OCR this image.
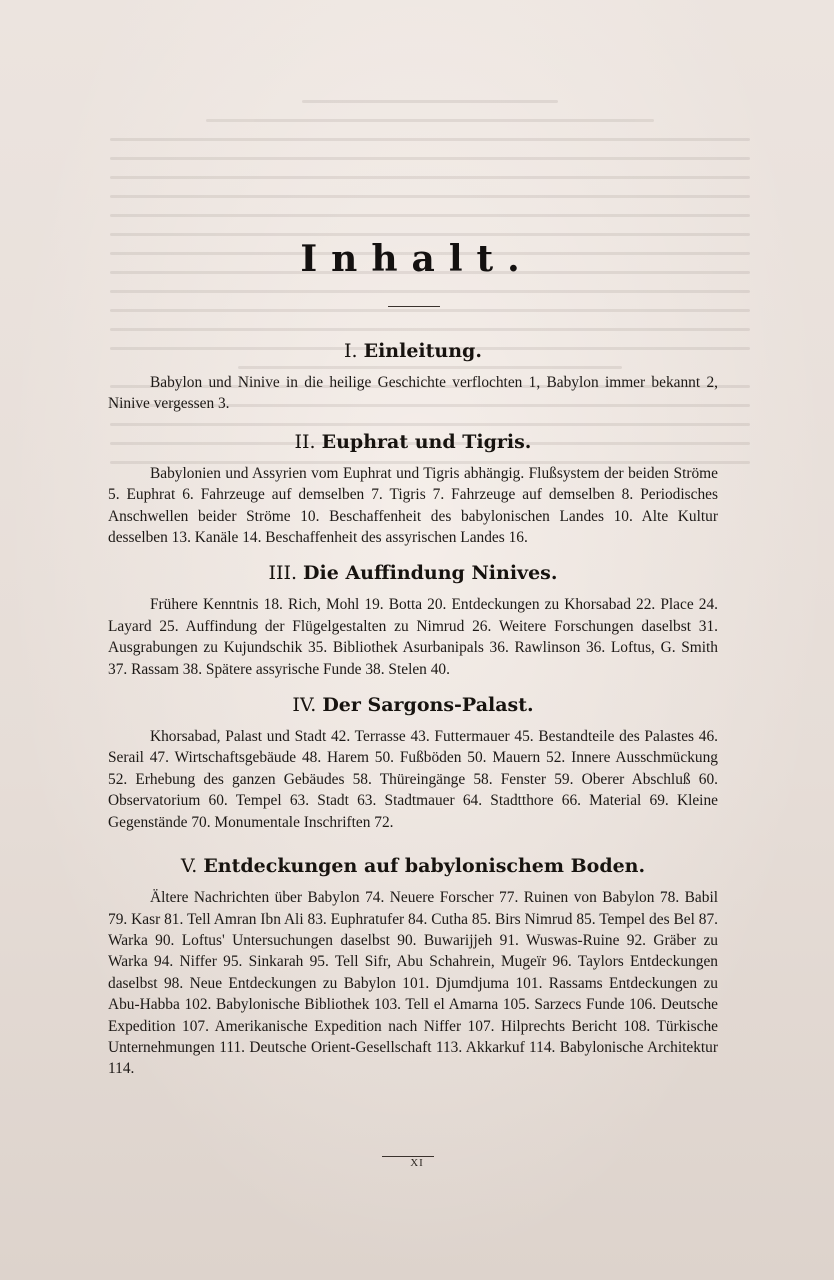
Inhalt.
I. Einleitung.

Babylon und Ninive in die heilige Geschichte verflochten 1, Babylon immer bekannt 2, Ninive vergessen 3.

II. Euphrat und Tigris.

Babylonien und Assyrien vom Euphrat und Tigris abhängig. Flußsystem der beiden Ströme 5. Euphrat 6. Fahrzeuge auf demselben 7. Tigris 7. Fahrzeuge auf demselben 8. Periodisches Anschwellen beider Ströme 10. Beschaffenheit des babylonischen Landes 10. Alte Kultur desselben 13. Kanäle 14. Beschaffenheit des assyrischen Landes 16.

III. Die Auffindung Ninives.

Frühere Kenntnis 18. Rich, Mohl 19. Botta 20. Entdeckungen zu Khorsabad 22. Place 24. Layard 25. Auffindung der Flügelgestalten zu Nimrud 26. Weitere Forschungen daselbst 31. Ausgrabungen zu Kujundschik 35. Bibliothek Asurbanipals 36. Rawlinson 36. Loftus, G. Smith 37. Rassam 38. Spätere assyrische Funde 38. Stelen 40.

IV. Der Sargons-Palast.

Khorsabad, Palast und Stadt 42. Terrasse 43. Futtermauer 45. Bestandteile des Palastes 46. Serail 47. Wirtschaftsgebäude 48. Harem 50. Fußböden 50. Mauern 52. Innere Ausschmückung 52. Erhebung des ganzen Gebäudes 58. Thüreingänge 58. Fenster 59. Oberer Abschluß 60. Observatorium 60. Tempel 63. Stadt 63. Stadtmauer 64. Stadtthore 66. Material 69. Kleine Gegenstände 70. Monumentale Inschriften 72.

V. Entdeckungen auf babylonischem Boden.

Ältere Nachrichten über Babylon 74. Neuere Forscher 77. Ruinen von Babylon 78. Babil 79. Kasr 81. Tell Amran Ibn Ali 83. Euphratufer 84. Cutha 85. Birs Nimrud 85. Tempel des Bel 87. Warka 90. Loftus' Untersuchungen daselbst 90. Buwarijjeh 91. Wuswas-Ruine 92. Gräber zu Warka 94. Niffer 95. Sinkarah 95. Tell Sifr, Abu Schahrein, Mugeïr 96. Taylors Entdeckungen daselbst 98. Neue Entdeckungen zu Babylon 101. Djumdjuma 101. Rassams Entdeckungen zu Abu-Habba 102. Babylonische Bibliothek 103. Tell el Amarna 105. Sarzecs Funde 106. Deutsche Expedition 107. Amerikanische Expedition nach Niffer 107. Hilprechts Bericht 108. Türkische Unternehmungen 111. Deutsche Orient-Gesellschaft 113. Akkarkuf 114. Babylonische Architektur 114.

XI
